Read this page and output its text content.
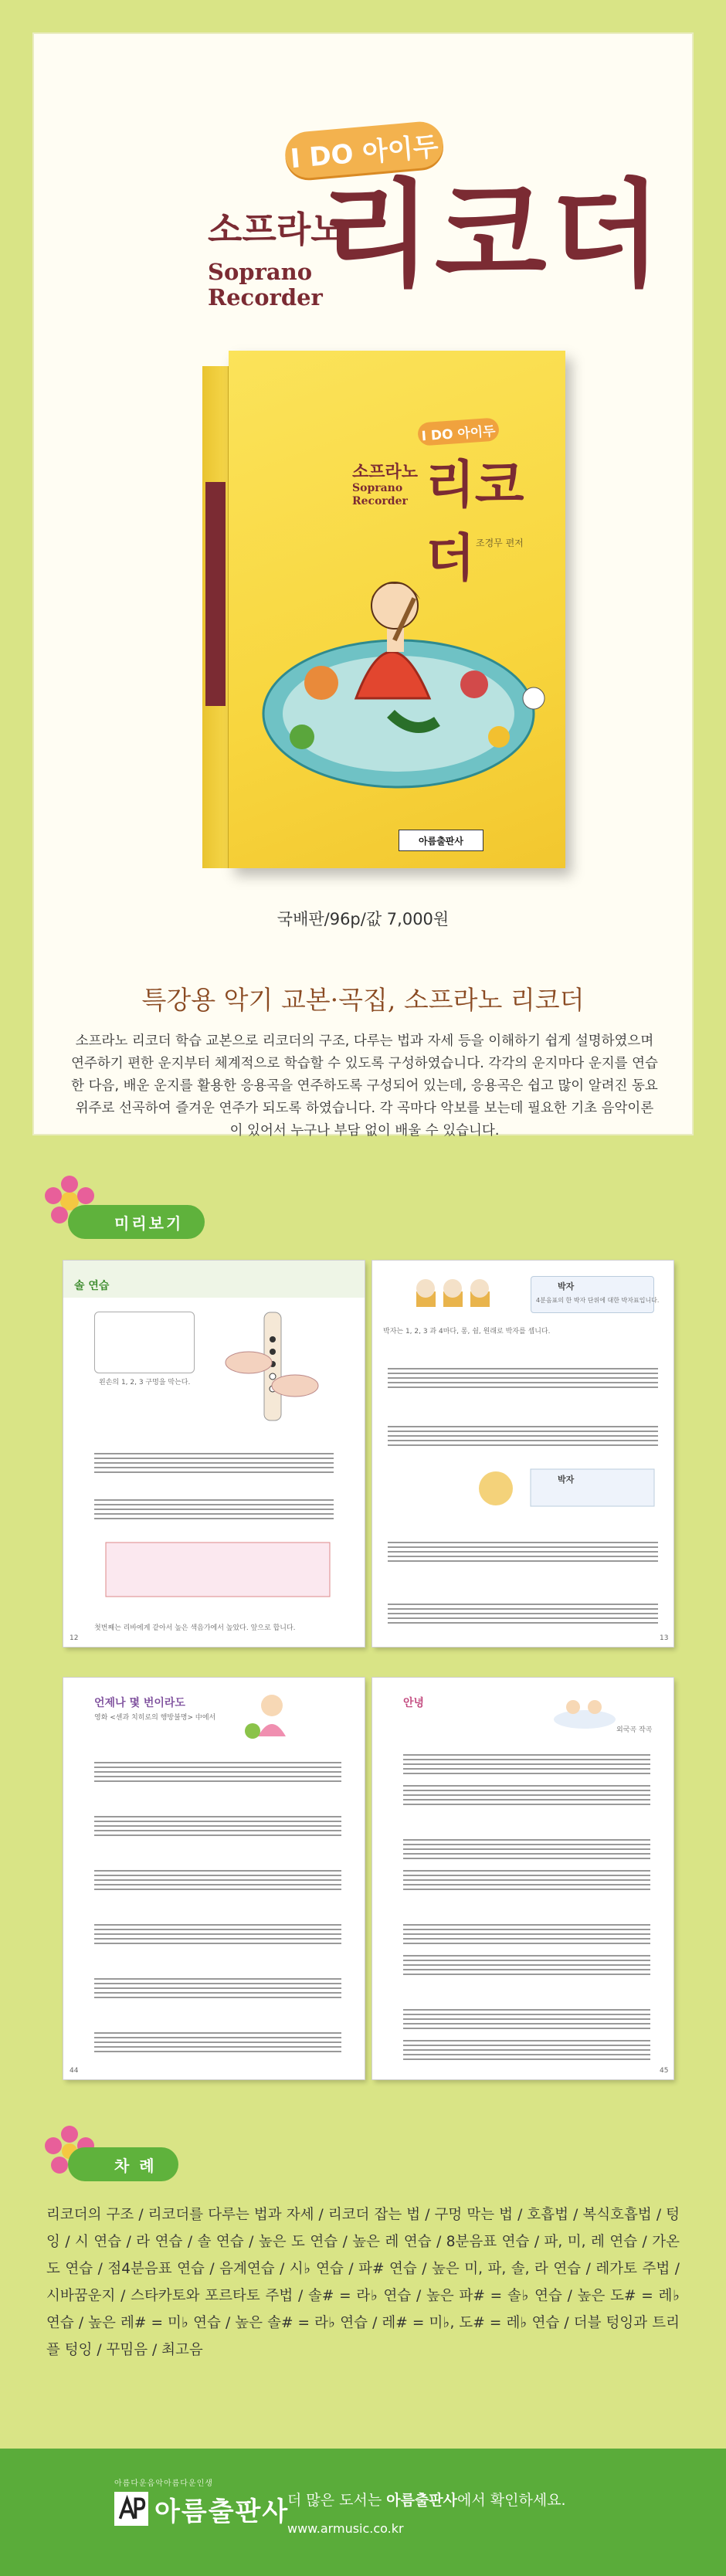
I DO 아이두
소프라노
Soprano
Recorder
리코더
I DO 아이두
소프라노
Soprano
Recorder 리코더 조경무 편저
아름출판사
국배판/96p/값 7,000원
특강용 악기 교본·곡집, 소프라노 리코더
소프라노 리코더 학습 교본으로 리코더의 구조, 다루는 법과 자세 등을 이해하기 쉽게 설명하였으며 연주하기 편한 운지부터 체계적으로 학습할 수 있도록 구성하였습니다. 각각의 운지마다 운지를 연습한 다음, 배운 운지를 활용한 응용곡을 연주하도록 구성되어 있는데, 응용곡은 쉽고 많이 알려진 동요 위주로 선곡하여 즐겨운 연주가 되도록 하였습니다. 각 곡마다 악보를 보는데 필요한 기초 음악이론이 있어서 누구나 부담 없이 배울 수 있습니다.
미리보기
솔 연습
왼손의 1, 2, 3 구멍을 막는다.
첫번째는 리바에게 같아서 높은 색음가에서 높았다. 앞으로 합니다.
12
박자
4분음표의 한 박자 단위에 대한 박자표입니다.
박자는 1, 2, 3 과 4마다, 롱, 쉼, 원래로 박자를 셉니다.
박자
13
언제나 몇 번이라도
영화 <센과 치히로의 행방불명> 中에서
44
안녕
외국곡 작곡
45
차 례
리코더의 구조 / 리코더를 다루는 법과 자세 / 리코더 잡는 법 / 구멍 막는 법 / 호흡법 / 복식호흡법 / 텅잉 / 시 연습 / 라 연습 / 솔 연습 / 높은 도 연습 / 높은 레 연습 / 8분음표 연습 / 파, 미, 레 연습 / 가온 도 연습 / 점4분음표 연습 / 음계연습 / 시♭ 연습 / 파# 연습 / 높은 미, 파, 솔, 라 연습 / 레가토 주법 / 시바꿈운지 / 스타카토와 포르타토 주법 / 솔# = 라♭ 연습 / 높은 파# = 솔♭ 연습 / 높은 도# = 레♭ 연습 / 높은 레# = 미♭ 연습 / 높은 솔# = 라♭ 연습 / 레# = 미♭, 도# = 레♭ 연습 / 더블 텅잉과 트리플 텅잉 / 꾸밈음 / 최고음
아름다운음악아름다운인생
아름출판사
더 많은 도서는 아름출판사에서 확인하세요.
www.armusic.co.kr
